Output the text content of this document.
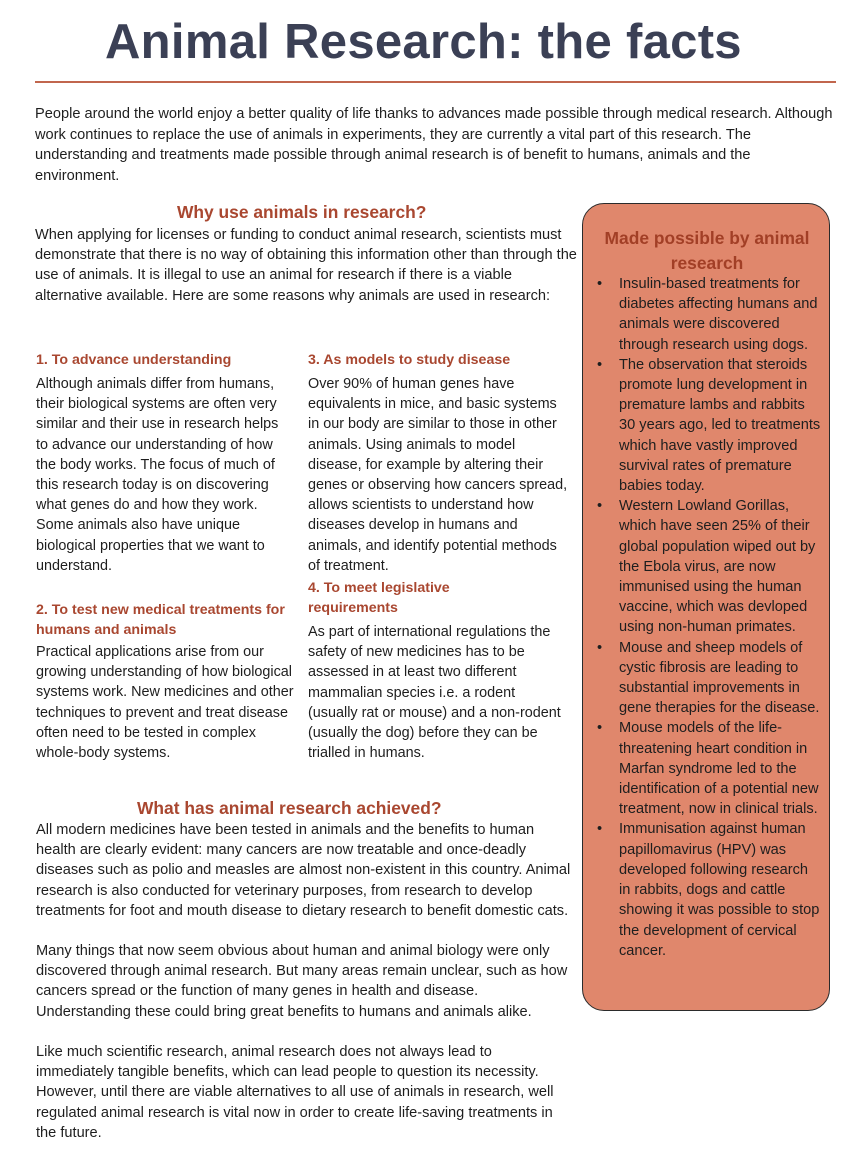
Animal Research: the facts

People around the world enjoy a better quality of life thanks to advances made possible through medical research. Although work continues to replace the use of animals in experiments, they are currently a vital part of this research. The understanding and treatments made possible through animal research is of benefit to humans, animals and the environment.

Why use animals in research?

When applying for licenses or funding to conduct animal research, scientists must demonstrate that there is no way of obtaining this information other than through the use of animals. It is illegal to use an animal for research if there is a viable alternative available. Here are some reasons why animals are used in research:

1. To advance understanding

Although animals differ from humans, their biological systems are often very similar and their use in research helps to advance our understanding of how the body works. The focus of much of this research today is on discovering what genes do and how they work. Some animals also have unique biological properties that we want to understand.

2. To test new medical treatments for humans and animals

Practical applications arise from our growing understanding of how biological systems work. New medicines and other techniques to prevent and treat disease often need to be tested in complex whole-body systems.

3. As models to study disease

Over 90% of human genes have equivalents in mice, and basic systems in our body are similar to those in other animals. Using animals to model disease, for example by altering their genes or observing how cancers spread, allows scientists to understand how diseases develop in humans and animals, and identify potential methods of treatment.

4. To meet legislative requirements

As part of international regulations the safety of new medicines has to be assessed in at least two different mammalian species i.e. a rodent (usually rat or mouse) and a non-rodent (usually the dog) before they can be trialled in humans.

What has animal research achieved?

All modern medicines have been tested in animals and the benefits to human health are clearly evident: many cancers are now treatable and once-deadly diseases such as polio and measles are almost non-existent in this country. Animal research is also conducted for veterinary purposes, from research to develop treatments for foot and mouth disease to dietary research to benefit domestic cats.

Many things that now seem obvious about human and animal biology were only discovered through animal research. But many areas remain unclear, such as how cancers spread or the function of many genes in health and disease. Understanding these could bring great benefits to humans and animals alike.

Like much scientific research, animal research does not always lead to immediately tangible benefits, which can lead people to question its necessity. However, until there are viable alternatives to all use of animals in research, well regulated animal research is vital now in order to create life-saving treatments in the future.

Made possible by animal research
• Insulin-based treatments for diabetes affecting humans and animals were discovered through research using dogs.
• The observation that steroids promote lung development in premature lambs and rabbits 30 years ago, led to treatments which have vastly improved survival rates of premature babies today.
• Western Lowland Gorillas, which have seen 25% of their global population wiped out by the Ebola virus, are now immunised using the human vaccine, which was devloped using non-human primates.
• Mouse and sheep models of cystic fibrosis are leading to substantial improvements in gene therapies for the disease.
• Mouse models of the life-threatening heart condition in Marfan syndrome led to the identification of a potential new treatment, now in clinical trials.
• Immunisation against human papillomavirus (HPV) was developed following research in rabbits, dogs and cattle showing it was possible to stop the development of cervical cancer.
